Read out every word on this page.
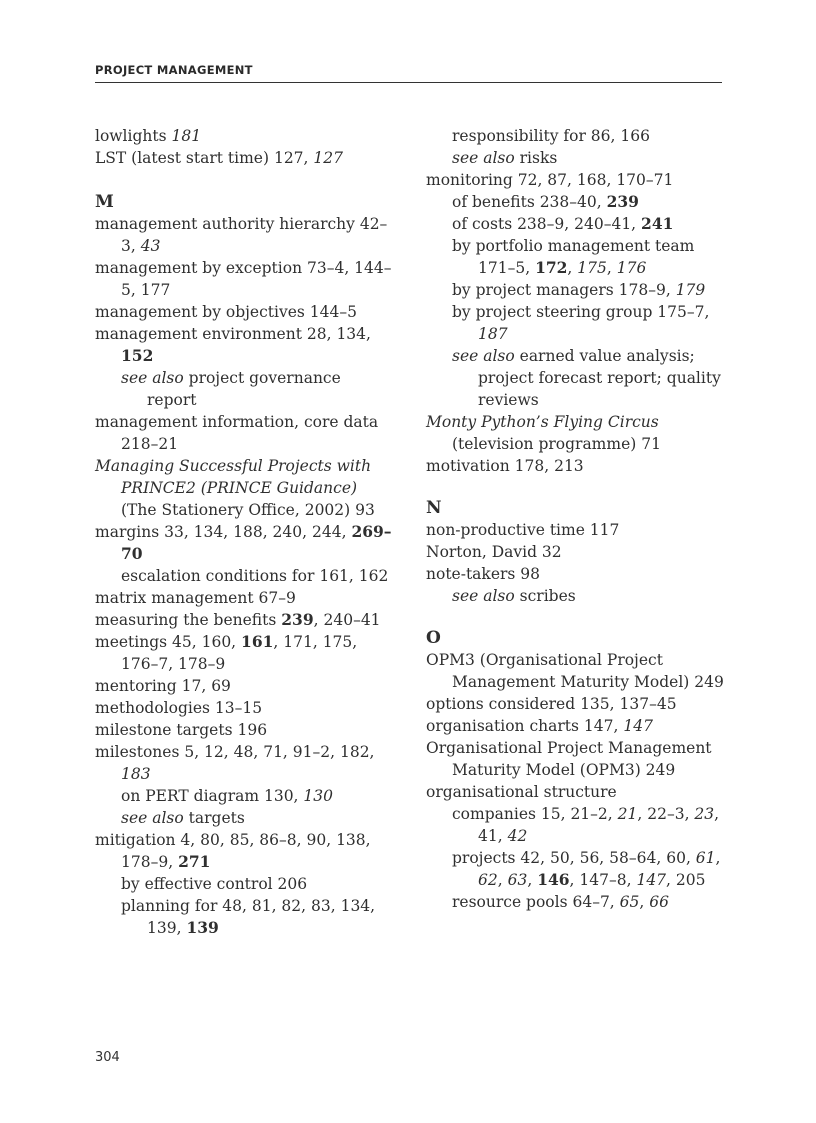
PROJECT MANAGEMENT
lowlights 181
LST (latest start time) 127, 127
M
management authority hierarchy 42–3, 43
management by exception 73–4, 144–5, 177
management by objectives 144–5
management environment 28, 134, 152
see also project governance report
management information, core data 218–21
Managing Successful Projects with PRINCE2 (PRINCE Guidance) (The Stationery Office, 2002) 93
margins 33, 134, 188, 240, 244, 269–70
escalation conditions for 161, 162
matrix management 67–9
measuring the benefits 239, 240–41
meetings 45, 160, 161, 171, 175, 176–7, 178–9
mentoring 17, 69
methodologies 13–15
milestone targets 196
milestones 5, 12, 48, 71, 91–2, 182, 183
on PERT diagram 130, 130
see also targets
mitigation 4, 80, 85, 86–8, 90, 138, 178–9, 271
by effective control 206
planning for 48, 81, 82, 83, 134, 139, 139
responsibility for 86, 166
see also risks
monitoring 72, 87, 168, 170–71
of benefits 238–40, 239
of costs 238–9, 240–41, 241
by portfolio management team 171–5, 172, 175, 176
by project managers 178–9, 179
by project steering group 175–7, 187
see also earned value analysis; project forecast report; quality reviews
Monty Python’s Flying Circus (television programme) 71
motivation 178, 213
N
non-productive time 117
Norton, David 32
note-takers 98
see also scribes
O
OPM3 (Organisational Project Management Maturity Model) 249
options considered 135, 137–45
organisation charts 147, 147
Organisational Project Management Maturity Model (OPM3) 249
organisational structure
companies 15, 21–2, 21, 22–3, 23, 41, 42
projects 42, 50, 56, 58–64, 60, 61, 62, 63, 146, 147–8, 147, 205
resource pools 64–7, 65, 66
304
